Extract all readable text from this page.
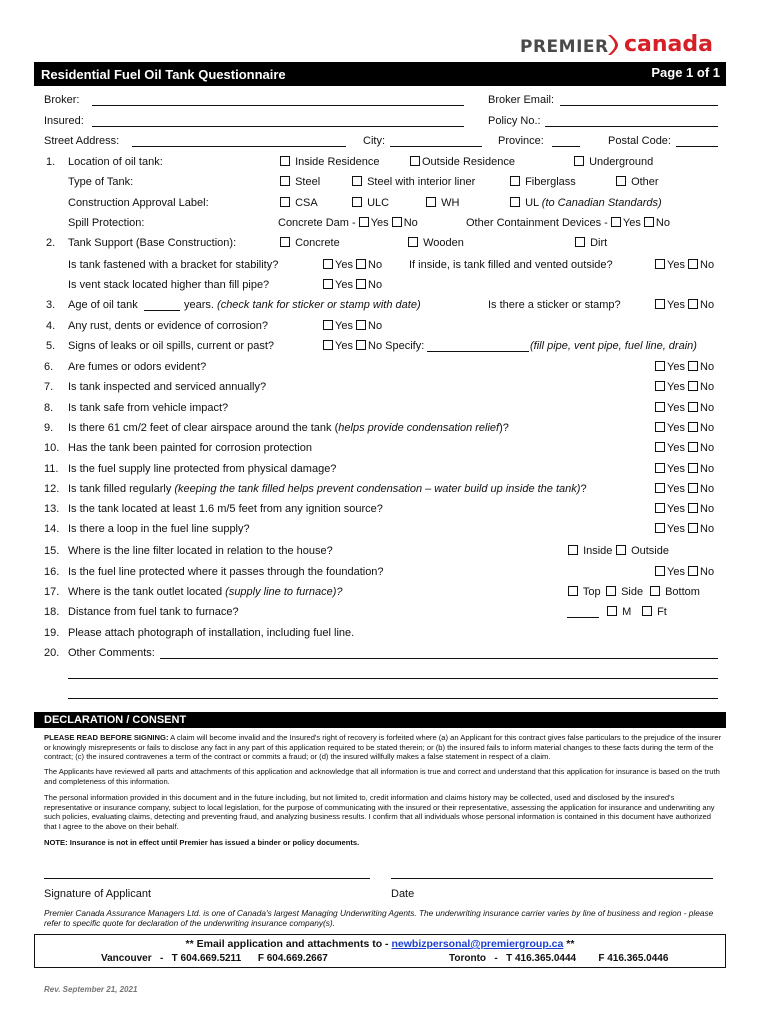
PREMIER canada
Residential Fuel Oil Tank Questionnaire	Page 1 of 1
Broker:	Broker Email:
Insured:	Policy No.:
Street Address:	City:	Province:	Postal Code:
1. Location of oil tank:	Inside Residence	Outside Residence	Underground
Type of Tank:	Steel	Steel with interior liner	Fiberglass	Other
Construction Approval Label:	CSA	ULC	WH	UL (to Canadian Standards)
Spill Protection:	Concrete Dam - Yes No	Other Containment Devices - Yes No
2. Tank Support (Base Construction):	Concrete	Wooden	Dirt
Is tank fastened with a bracket for stability?	Yes No If inside, is tank filled and vented outside?	Yes No
Is vent stack located higher than fill pipe?	Yes No
3. Age of oil tank	years. (check tank for sticker or stamp with date)	Is there a sticker or stamp?	Yes No
4. Any rust, dents or evidence of corrosion?	Yes No
5. Signs of leaks or oil spills, current or past?	Yes No Specify:	(fill pipe, vent pipe, fuel line, drain)
6. Are fumes or odors evident?	Yes No
7. Is tank inspected and serviced annually?	Yes No
8. Is tank safe from vehicle impact?	Yes No
9. Is there 61 cm/2 feet of clear airspace around the tank (helps provide condensation relief)?	Yes No
10. Has the tank been painted for corrosion protection	Yes No
11. Is the fuel supply line protected from physical damage?	Yes No
12. Is tank filled regularly (keeping the tank filled helps prevent condensation – water build up inside the tank)?	Yes No
13. Is the tank located at least 1.6 m/5 feet from any ignition source?	Yes No
14. Is there a loop in the fuel line supply?	Yes No
15. Where is the line filter located in relation to the house?	Inside	Outside
16. Is the fuel line protected where it passes through the foundation?	Yes No
17. Where is the tank outlet located (supply line to furnace)?	Top	Side	Bottom
18. Distance from fuel tank to furnace?	M	Ft
19. Please attach photograph of installation, including fuel line.
20. Other Comments:
DECLARATION / CONSENT
PLEASE READ BEFORE SIGNING: A claim will become invalid and the Insured's right of recovery is forfeited where (a) an Applicant for this contract gives false particulars to the prejudice of the insurer or knowingly misrepresents or fails to disclose any fact in any part of this application required to be stated therein; or (b) the insured fails to inform material changes to these facts during the term of the contract; (c) the insured contravenes a term of the contract or commits a fraud; or (d) the insured willfully makes a false statement in respect of a claim.
The Applicants have reviewed all parts and attachments of this application and acknowledge that all information is true and correct and understand that this application for insurance is based on the truth and completeness of this information.
The personal information provided in this document and in the future including, but not limited to, credit information and claims history may be collected, used and disclosed by the insured's representative or insurance company, subject to local legislation, for the purpose of communicating with the insured or their representative, assessing the application for insurance and underwriting any such policies, evaluating claims, detecting and preventing fraud, and analyzing business results. I confirm that all individuals whose personal information is contained in this document have authorized that I agree to the above on their behalf.
NOTE: Insurance is not in effect until Premier has issued a binder or policy documents.
Signature of Applicant	Date
Premier Canada Assurance Managers Ltd. is one of Canada's largest Managing Underwriting Agents. The underwriting insurance carrier varies by line of business and region - please refer to specific quote for declaration of the underwriting insurance company(s).
** Email application and attachments to - newbizpersonal@premiergroup.ca **
Vancouver - T 604.669.5211 F 604.669.2667	Toronto - T 416.365.0444 F 416.365.0446
Rev. September 21, 2021
